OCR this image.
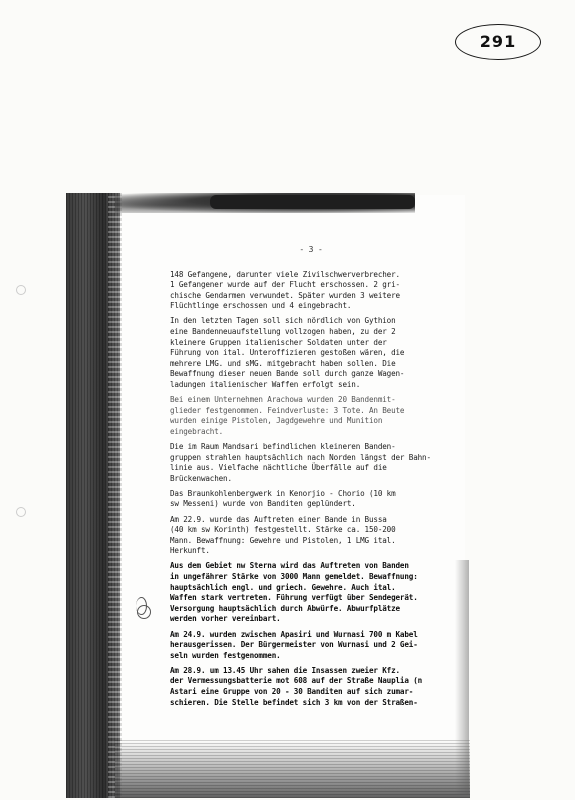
291
- 3 -
148 Gefangene, darunter viele Zivilschwerverbrecher.
1 Gefangener wurde auf der Flucht erschossen. 2 gri-
chische Gendarmen verwundet. Später wurden 3 weitere
Flüchtlinge erschossen und 4 eingebracht.
In den letzten Tagen soll sich nördlich von Gythion
eine Bandenneuaufstellung vollzogen haben, zu der 2
kleinere Gruppen italienischer Soldaten unter der
Führung von ital. Unteroffizieren gestoßen wären, die
mehrere LMG. und sMG. mitgebracht haben sollen. Die
Bewaffnung dieser neuen Bande soll durch ganze Wagen-
ladungen italienischer Waffen erfolgt sein.
Bei einem Unternehmen Arachowa wurden 20 Bandenmit-
glieder festgenommen. Feindverluste: 3 Tote. An Beute
wurden einige Pistolen, Jagdgewehre und Munition
eingebracht.
Die im Raum Mandsari befindlichen kleineren Banden-
gruppen strahlen hauptsächlich nach Norden längst der Bahn-
linie aus. Vielfache nächtliche Überfälle auf die
Brückenwachen.
Das Braunkohlenbergwerk in Kenorjio - Chorio (10 km
sw Messeni) wurde von Banditen geplündert.
Am 22.9. wurde das Auftreten einer Bande in Bussa
(40 km sw Korinth) festgestellt. Stärke ca. 150-200
Mann. Bewaffnung: Gewehre und Pistolen, 1 LMG ital.
Herkunft.
Aus dem Gebiet nw Sterna wird das Auftreten von Banden
in ungefährer Stärke von 3000 Mann gemeldet. Bewaffnung:
hauptsächlich engl. und griech. Gewehre. Auch ital.
Waffen stark vertreten. Führung verfügt über Sendegerät.
Versorgung hauptsächlich durch Abwürfe. Abwurfplätze
werden vorher vereinbart.
Am 24.9. wurden zwischen Apasiri und Wurnasi 700 m Kabel
herausgerissen. Der Bürgermeister von Wurnasi und 2 Gei-
seln wurden festgenommen.
Am 28.9. um 13.45 Uhr sahen die Insassen zweier Kfz.
der Vermessungsbatterie mot 608 auf der Straße Nauplia (n
Astari eine Gruppe von 20 - 30 Banditen auf sich zumar-
schieren. Die Stelle befindet sich 3 km von der Straßen-
